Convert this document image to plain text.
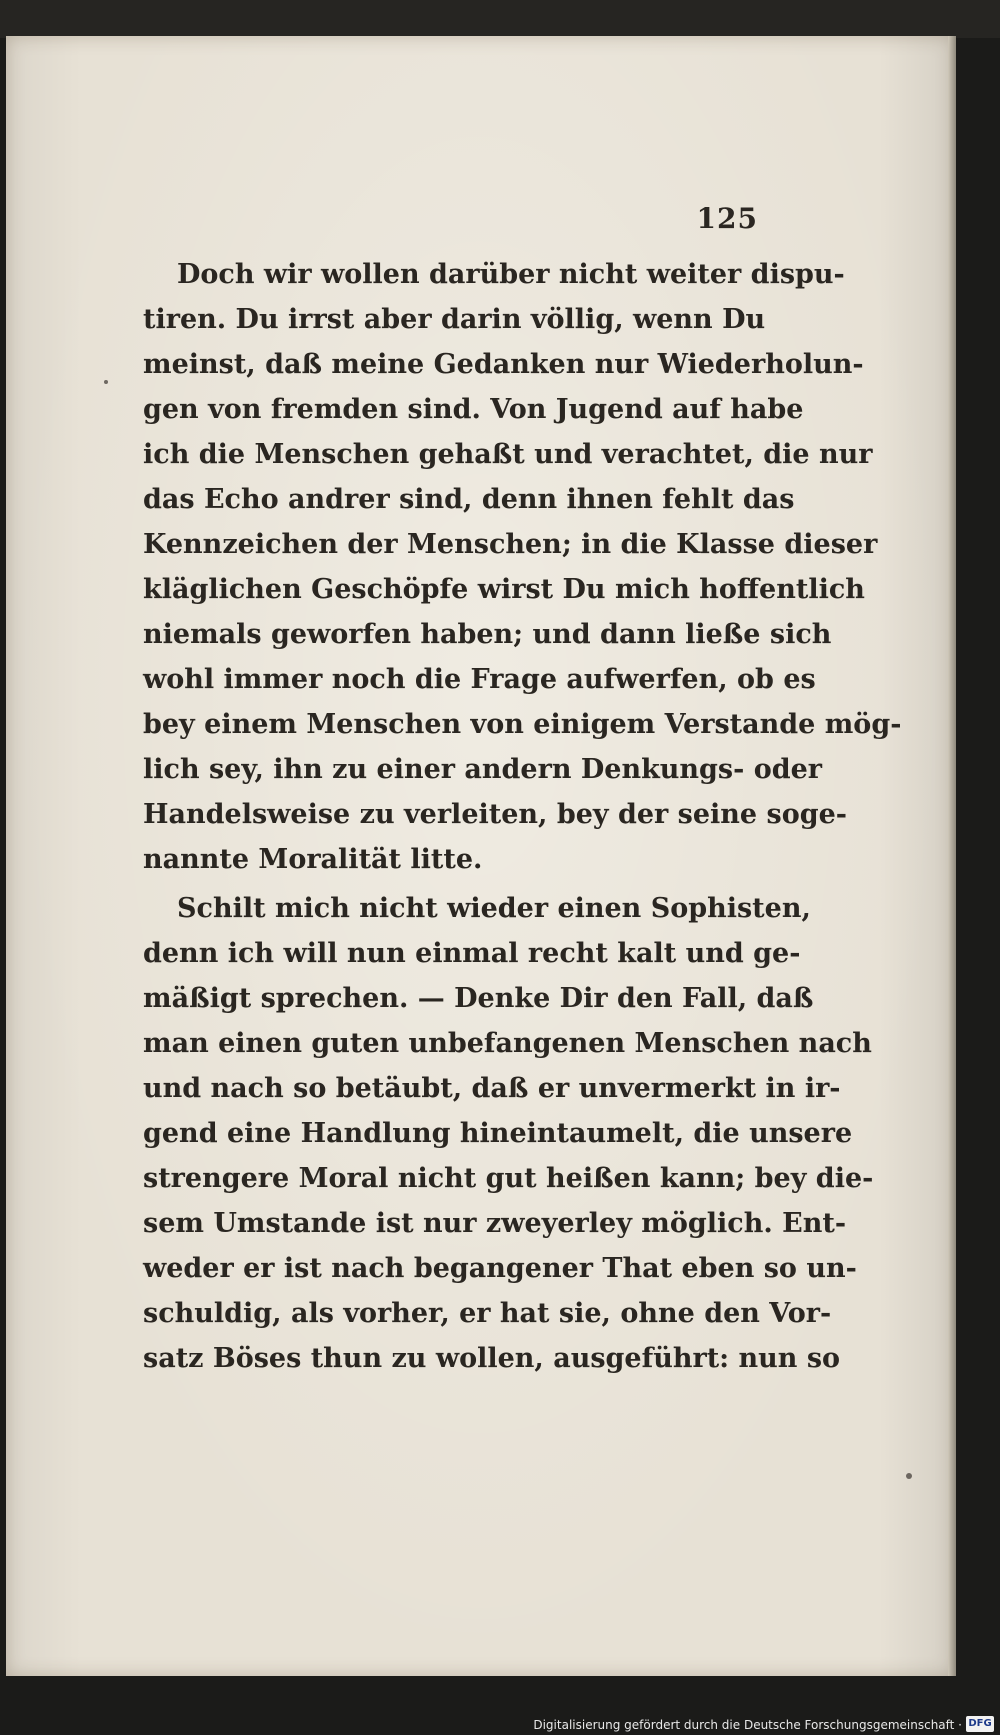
125
Doch wir wollen darüber nicht weiter dispu-
tiren. Du irrst aber darin völlig, wenn Du
meinst, daß meine Gedanken nur Wiederholun-
gen von fremden sind. Von Jugend auf habe
ich die Menschen gehaßt und verachtet, die nur
das Echo andrer sind, denn ihnen fehlt das
Kennzeichen der Menschen; in die Klasse dieser
kläglichen Geschöpfe wirst Du mich hoffentlich
niemals geworfen haben; und dann ließe sich
wohl immer noch die Frage aufwerfen, ob es
bey einem Menschen von einigem Verstande mög-
lich sey, ihn zu einer andern Denkungs- oder
Handelsweise zu verleiten, bey der seine soge-
nannte Moralität litte.
Schilt mich nicht wieder einen Sophisten,
denn ich will nun einmal recht kalt und ge-
mäßigt sprechen. — Denke Dir den Fall, daß
man einen guten unbefangenen Menschen nach
und nach so betäubt, daß er unvermerkt in ir-
gend eine Handlung hineintaumelt, die unsere
strengere Moral nicht gut heißen kann; bey die-
sem Umstande ist nur zweyerley möglich. Ent-
weder er ist nach begangener That eben so un-
schuldig, als vorher, er hat sie, ohne den Vor-
satz Böses thun zu wollen, ausgeführt: nun so
Digitalisierung gefördert durch die Deutsche Forschungsgemeinschaft · DFG
